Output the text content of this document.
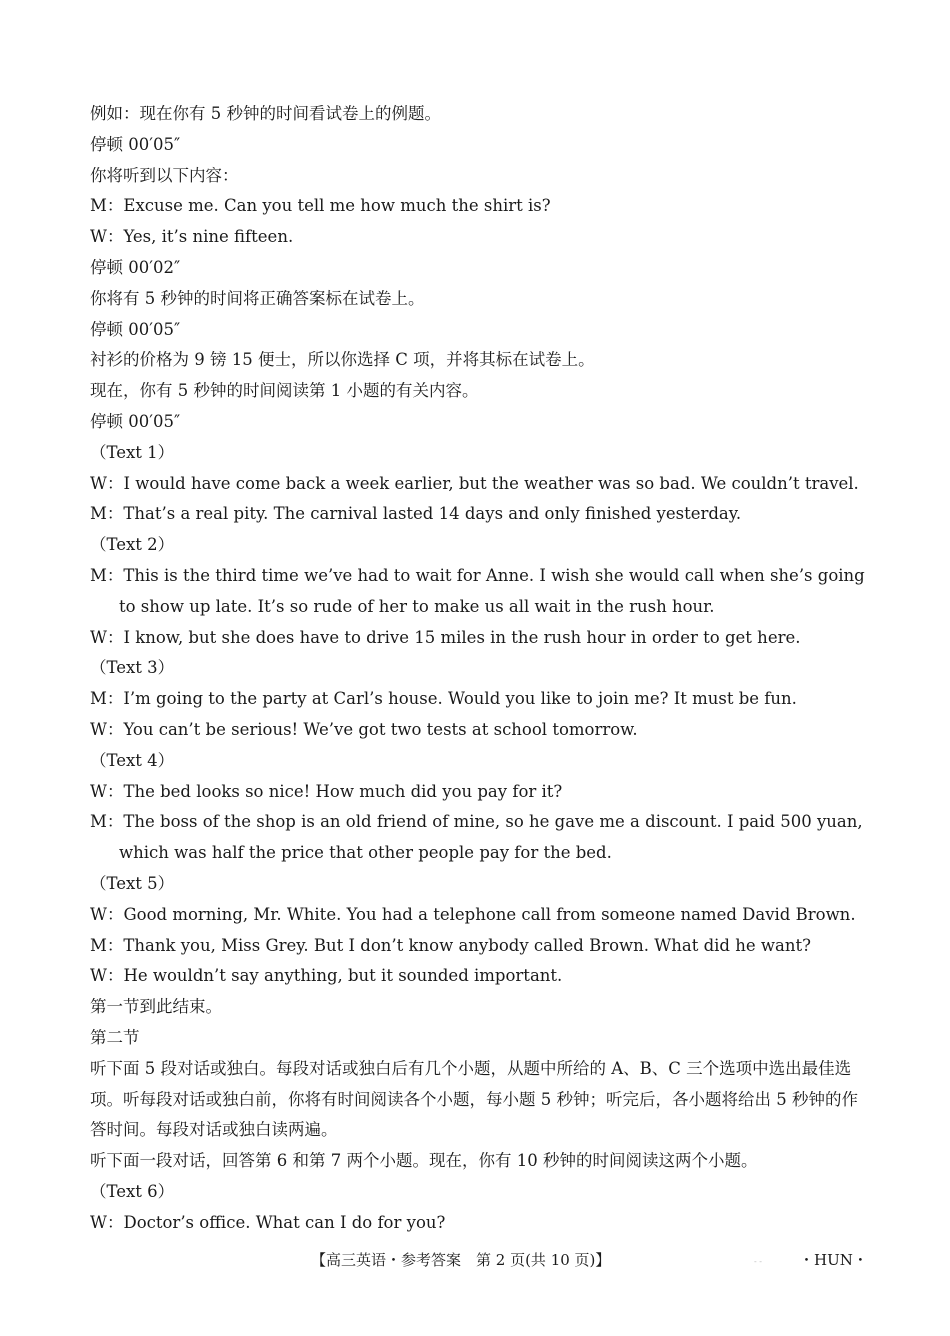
例如：现在你有 5 秒钟的时间看试卷上的例题。
停顿 00′05″
你将听到以下内容：
M：Excuse me. Can you tell me how much the shirt is?
W：Yes, it’s nine fifteen.
停顿 00′02″
你将有 5 秒钟的时间将正确答案标在试卷上。
停顿 00′05″
衬衫的价格为 9 镑 15 便士，所以你选择 C 项，并将其标在试卷上。
现在，你有 5 秒钟的时间阅读第 1 小题的有关内容。
停顿 00′05″
（Text 1）
W：I would have come back a week earlier, but the weather was so bad. We couldn’t travel.
M：That’s a real pity. The carnival lasted 14 days and only finished yesterday.
（Text 2）
M：This is the third time we’ve had to wait for Anne. I wish she would call when she’s going to show up late. It’s so rude of her to make us all wait in the rush hour.
W：I know, but she does have to drive 15 miles in the rush hour in order to get here.
（Text 3）
M：I’m going to the party at Carl’s house. Would you like to join me? It must be fun.
W：You can’t be serious! We’ve got two tests at school tomorrow.
（Text 4）
W：The bed looks so nice! How much did you pay for it?
M：The boss of the shop is an old friend of mine, so he gave me a discount. I paid 500 yuan, which was half the price that other people pay for the bed.
（Text 5）
W：Good morning, Mr. White. You had a telephone call from someone named David Brown.
M：Thank you, Miss Grey. But I don’t know anybody called Brown. What did he want?
W：He wouldn’t say anything, but it sounded important.
第一节到此结束。
第二节
听下面 5 段对话或独白。每段对话或独白后有几个小题，从题中所给的 A、B、C 三个选项中选出最佳选项。听每段对话或独白前，你将有时间阅读各个小题，每小题 5 秒钟；听完后，各小题将给出 5 秒钟的作答时间。每段对话或独白读两遍。
听下面一段对话，回答第 6 和第 7 两个小题。现在，你有 10 秒钟的时间阅读这两个小题。
（Text 6）
W：Doctor’s office. What can I do for you?
【高三英语・参考答案　第 2 页(共 10 页)】	- - ・HUN・
